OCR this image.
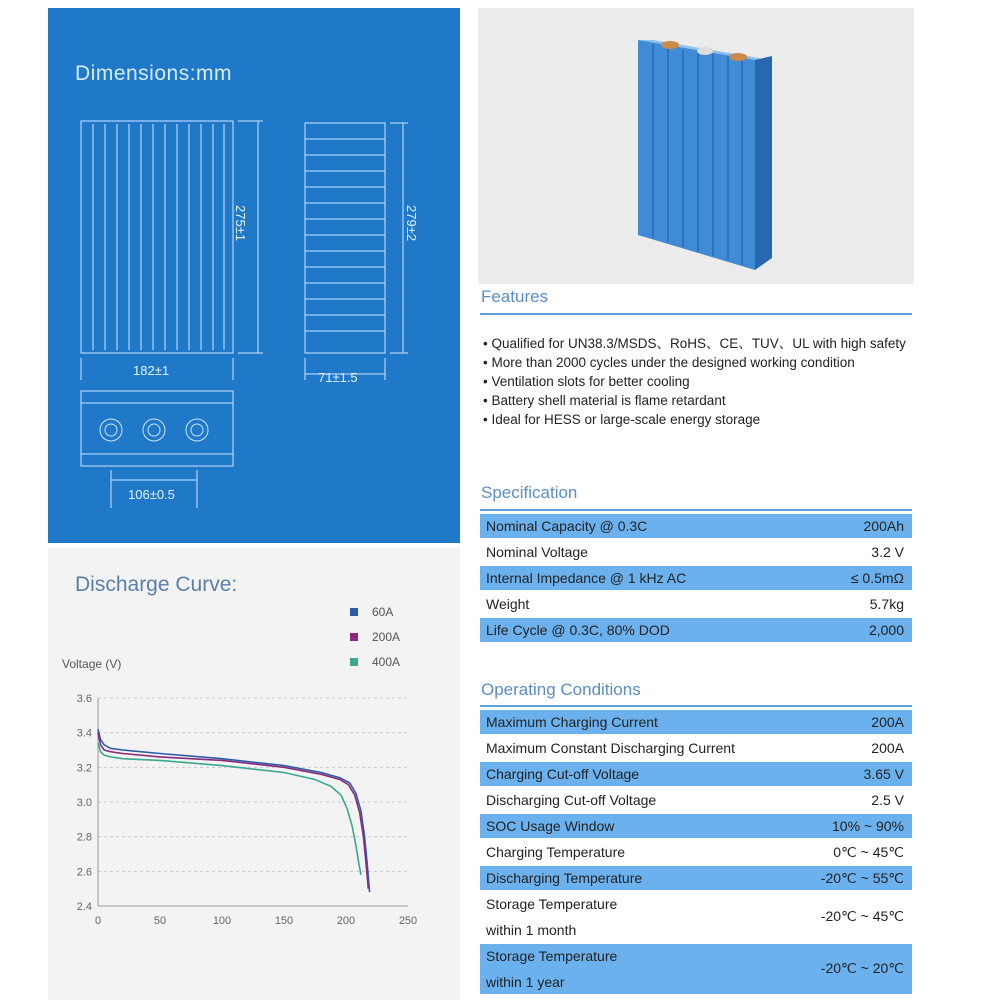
Dimensions:mm
275±1	279±2
182±1	71±1.5
106±0.5
Discharge Curve:
60A
200A
400A
Voltage (V)
2.4
2.6
2.8
3.0
3.2
3.4
3.6
0	50	100	150	200	250
Features
• Qualified for UN38.3/MSDS、RoHS、CE、TUV、UL with high safety
• More than 2000 cycles under the designed working condition
• Ventilation slots for better cooling
• Battery shell material is flame retardant
• Ideal for HESS or large-scale energy storage
Specification
Nominal Capacity @ 0.3C	200Ah
Nominal Voltage	3.2 V
Internal Impedance @ 1 kHz AC	≤ 0.5mΩ
Weight	5.7kg
Life Cycle @ 0.3C, 80% DOD	2,000
Operating Conditions
Maximum Charging Current	200A
Maximum Constant Discharging Current	200A
Charging Cut-off Voltage	3.65 V
Discharging Cut-off Voltage	2.5 V
SOC Usage Window	10% ~ 90%
Charging Temperature	0℃ ~ 45℃
Discharging Temperature	-20℃ ~ 55℃
Storage Temperature
within 1 month
-20℃ ~ 45℃
Storage Temperature
within 1 year
-20℃ ~ 20℃
